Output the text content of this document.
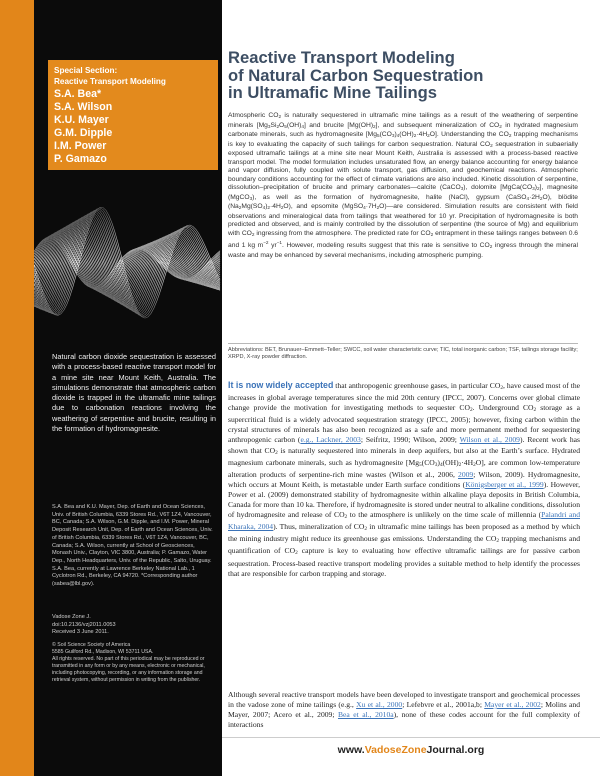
Special Section:
Reactive Transport Modeling
S.A. Bea*
S.A. Wilson
K.U. Mayer
G.M. Dipple
I.M. Power
P. Gamazo
Natural carbon dioxide sequestration is assessed with a process-based reactive transport model for a mine site near Mount Keith, Australia. The simulations demonstrate that atmospheric carbon dioxide is trapped in the ultramafic mine tailings due to carbonation reactions involving the weathering of serpentine and brucite, resulting in the formation of hydromagnesite.
S.A. Bea and K.U. Mayer, Dep. of Earth and Ocean Sciences, Univ. of British Columbia, 6339 Stores Rd., V6T 1Z4, Vancouver, BC, Canada; S.A. Wilson, G.M. Dipple, and I.M. Power, Mineral Deposit Research Unit, Dep. of Earth and Ocean Sciences, Univ. of British Columbia, 6339 Stores Rd., V6T 1Z4, Vancouver, BC, Canada; S.A. Wilson, currently at School of Geosciences, Monash Univ., Clayton, VIC 3800, Australia; P. Gamazo, Water Dep., North Headquarters, Univ. of the Republic, Salto, Uruguay. S.A. Bea, currently at Lawrence Berkeley National Lab., 1 Cyclotron Rd., Berkeley, CA 94720. *Corresponding author (sabea@lbl.gov).
Vadose Zone J.
doi:10.2136/vzj2011.0053
Received 3 June 2011.
© Soil Science Society of America
5585 Guilford Rd., Madison, WI 53711 USA.
All rights reserved. No part of this periodical may be reproduced or transmitted in any form or by any means, electronic or mechanical, including photocopying, recording, or any information storage and retrieval system, without permission in writing from the publisher.
Reactive Transport Modeling
of Natural Carbon Sequestration
in Ultramafic Mine Tailings
Atmospheric $CO_2$ is naturally sequestered in ultramafic mine tailings as a result of the weathering of serpentine minerals $[Mg_3Si_2O_5(OH)_4]$ and brucite $[Mg(OH)_2]$, and subsequent mineralization of $CO_2$ in hydrated magnesium carbonate minerals, such as hydromagnesite $[Mg_5(CO_3)_4(OH)_2\cdot 4H_2O]$. Understanding the $CO_2$ trapping mechanisms is key to evaluating the capacity of such tailings for carbon sequestration. Natural $CO_2$ sequestration in subaerially exposed ultramafic tailings at a mine site near Mount Keith, Australia is assessed with a process-based reactive transport model. The model formulation includes unsaturated flow, an energy balance accounting for energy balance and vapor diffusion, fully coupled with solute transport, gas diffusion, and geochemical reactions. Atmospheric boundary conditions accounting for the effect of climate variations are also included. Kinetic dissolution of serpentine, dissolution–precipitation of brucite and primary carbonates—calcite (CaCO$_3$), dolomite $[MgCa(CO_3)_2]$, magnesite (MgCO$_3$), as well as the formation of hydromagnesite, halite (NaCl), gypsum $(CaSO_4\cdot 2H_2O)$, blödite $(Na_2Mg(SO_4)_2\cdot 4H_2O)$, and epsomite $(MgSO_4\cdot 7H_2O)—are$ considered. Simulation results are consistent with field observations and mineralogical data from tailings that weathered for 10 yr. Precipitation of hydromagnesite is both predicted and observed, and is mainly controlled by the dissolution of serpentine (the source of Mg) and equilibrium with $CO_2$ ingressing from the atmosphere. The predicted rate for $CO_2$ entrapment in these tailings ranges between 0.6 and 1 kg $m^{-2}$ $yr^{-1}$. However, modeling results suggest that this rate is sensitive to $CO_2$ ingress through the mineral waste and may be enhanced by several mechanisms, including atmospheric pumping.
Abbreviations: BET, Brunauer–Emmett–Teller; SWCC, soil water characteristic curve; TIC, total inorganic carbon; TSF, tailings storage facility; XRPD, X-ray powder diffraction.
It is now widely accepted that anthropogenic greenhouse gases, in particular $CO_2$, have caused most of the increases in global average temperatures since the mid 20th century (IPCC, 2007). Concerns over global climate change provide the motivation for investigating methods to sequester $CO_2$. Underground $CO_2$ storage as a supercritical fluid is a widely advocated sequestration strategy (IPCC, 2005); however, fixing carbon within the crystal structures of minerals has also been recognized as a safe and more permanent method for sequestering anthropogenic carbon (e.g., Lackner, 2003; Seifritz, 1990; Wilson, 2009; Wilson et al., 2009). Recent work has shown that $CO_2$ is naturally sequestered into minerals in deep aquifers, but also at the Earth’s surface. Hydrated magnesium carbonate minerals, such as hydromagnesite $[Mg_5(CO_3)_4(OH)_2\cdot 4H_2O]$, are common low-temperature alteration products of serpentine-rich mine wastes (Wilson et al., 2006, 2009; Wilson, 2009). Hydromagnesite, which occurs at Mount Keith, is metastable under Earth surface conditions (Königsberger et al., 1999). However, Power et al. (2009) demonstrated stability of hydromagnesite within alkaline playa deposits in British Columbia, Canada for more than 10 ka. Therefore, if hydromagnesite is stored under neutral to alkaline conditions, dissolution of hydromagnesite and release of $CO_2$ to the atmosphere is unlikely on the time scale of millennia (Palandri and Kharaka, 2004). Thus, mineralization of $CO_2$ in ultramafic mine tailings has been proposed as a method by which the mining industry might reduce its greenhouse gas emissions. Understanding the $CO_2$ trapping mechanisms and quantification of $CO_2$ capture is key to evaluating how effective ultramafic tailings are for passive carbon sequestration. Process-based reactive transport modeling provides a suitable method to help identify the processes that are responsible for carbon trapping and storage.
Although several reactive transport models have been developed to investigate transport and geochemical processes in the vadose zone of mine tailings (e.g., Xu et al., 2000; Lefebvre et al., 2001a,b; Mayer et al., 2002; Molins and Mayer, 2007; Acero et al., 2009; Bea et al., 2010a), none of these codes account for the full complexity of interactions
www.VadoseZoneJournal.org
